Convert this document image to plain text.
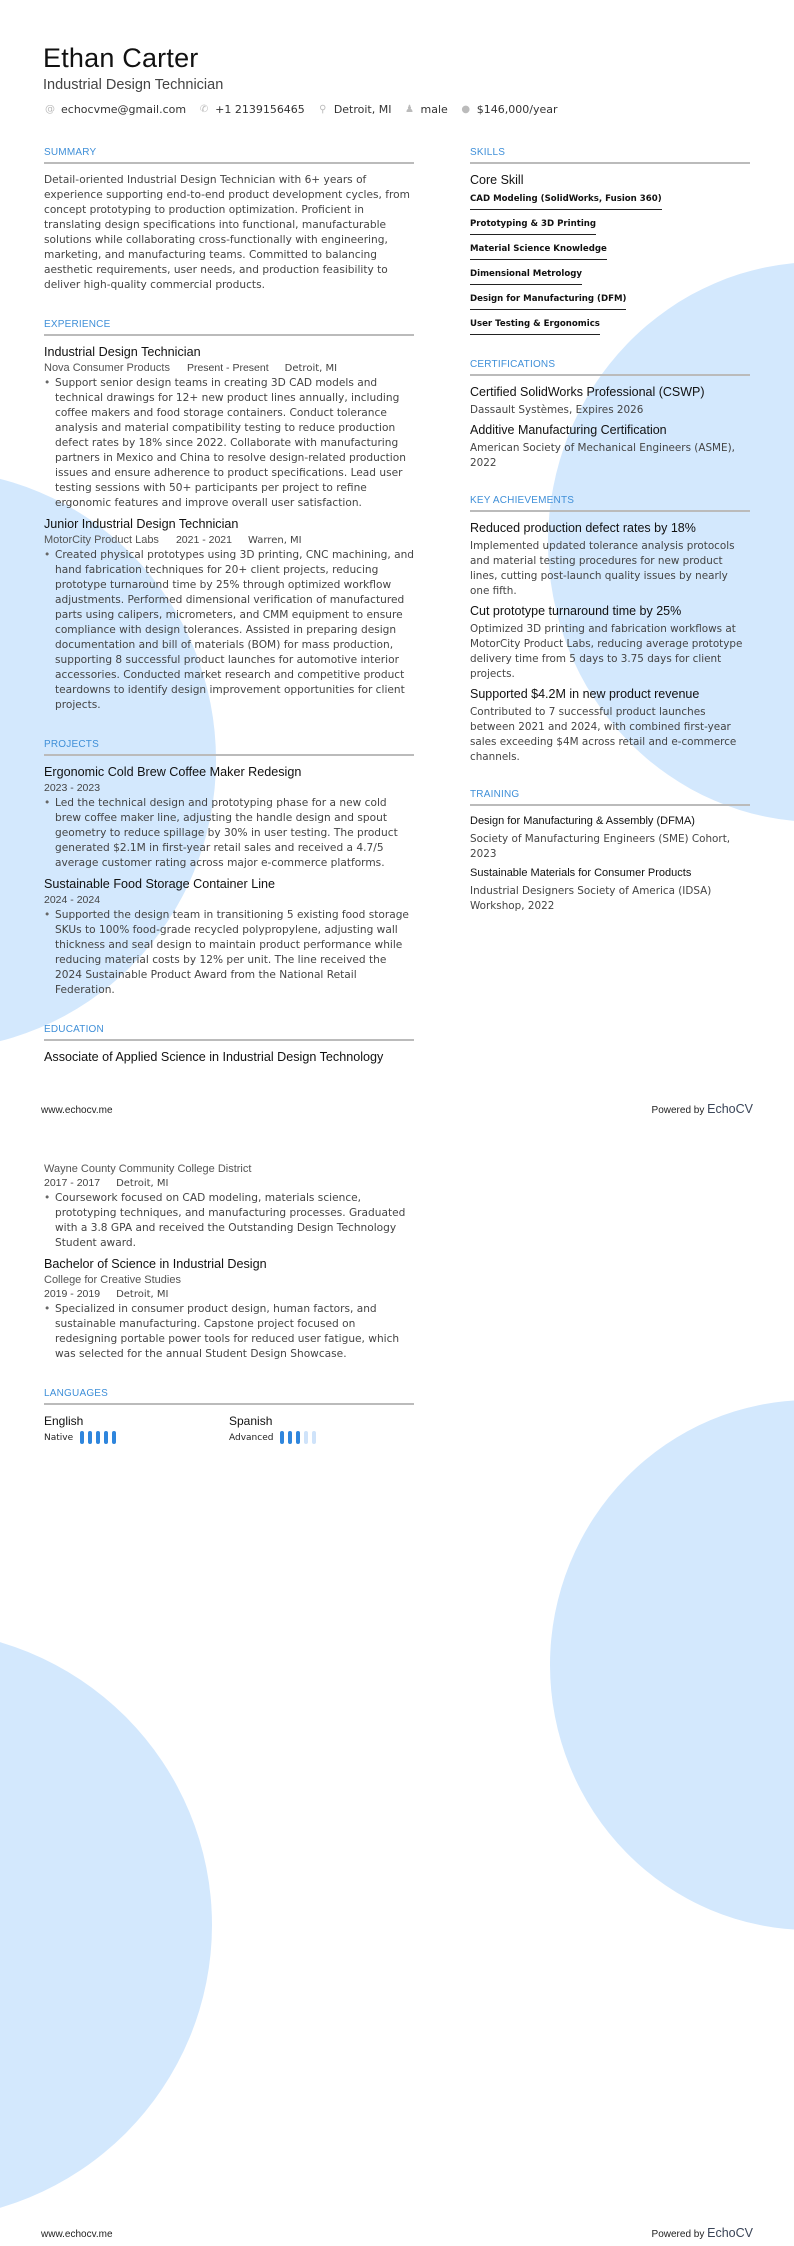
Ethan Carter
Industrial Design Technician
@ echocvme@gmail.com ✆ +1 2139156465 ⚲ Detroit, MI ♟ male ● $146,000/year
SUMMARY

Detail-oriented Industrial Design Technician with 6+ years of experience supporting end-to-end product development cycles, from concept prototyping to production optimization. Proficient in translating design specifications into functional, manufacturable solutions while collaborating cross-functionally with engineering, marketing, and manufacturing teams. Committed to balancing aesthetic requirements, user needs, and production feasibility to deliver high-quality commercial products.

EXPERIENCE
Industrial Design Technician
Nova Consumer Products Present - Present Detroit, MI
• Support senior design teams in creating 3D CAD models and technical drawings for 12+ new product lines annually, including coffee makers and food storage containers. Conduct tolerance analysis and material compatibility testing to reduce production defect rates by 18% since 2022. Collaborate with manufacturing partners in Mexico and China to resolve design-related production issues and ensure adherence to product specifications. Lead user testing sessions with 50+ participants per project to refine ergonomic features and improve overall user satisfaction.
Junior Industrial Design Technician
MotorCity Product Labs 2021 - 2021 Warren, MI
• Created physical prototypes using 3D printing, CNC machining, and hand fabrication techniques for 20+ client projects, reducing prototype turnaround time by 25% through optimized workflow adjustments. Performed dimensional verification of manufactured parts using calipers, micrometers, and CMM equipment to ensure compliance with design tolerances. Assisted in preparing design documentation and bill of materials (BOM) for mass production, supporting 8 successful product launches for automotive interior accessories. Conducted market research and competitive product teardowns to identify design improvement opportunities for client projects.
PROJECTS
Ergonomic Cold Brew Coffee Maker Redesign
2023 - 2023
• Led the technical design and prototyping phase for a new cold brew coffee maker line, adjusting the handle design and spout geometry to reduce spillage by 30% in user testing. The product generated $2.1M in first-year retail sales and received a 4.7/5 average customer rating across major e-commerce platforms.
Sustainable Food Storage Container Line
2024 - 2024
• Supported the design team in transitioning 5 existing food storage SKUs to 100% food-grade recycled polypropylene, adjusting wall thickness and seal design to maintain product performance while reducing material costs by 12% per unit. The line received the 2024 Sustainable Product Award from the National Retail Federation.
EDUCATION
Associate of Applied Science in Industrial Design Technology
SKILLS
Core Skill
CAD Modeling (SolidWorks, Fusion 360)
Prototyping & 3D Printing
Material Science Knowledge
Dimensional Metrology
Design for Manufacturing (DFM)
User Testing & Ergonomics
CERTIFICATIONS
Certified SolidWorks Professional (CSWP)
Dassault Systèmes, Expires 2026
Additive Manufacturing Certification
American Society of Mechanical Engineers (ASME), 2022
KEY ACHIEVEMENTS
Reduced production defect rates by 18%
Implemented updated tolerance analysis protocols and material testing procedures for new product lines, cutting post-launch quality issues by nearly one fifth.
Cut prototype turnaround time by 25%
Optimized 3D printing and fabrication workflows at MotorCity Product Labs, reducing average prototype delivery time from 5 days to 3.75 days for client projects.
Supported $4.2M in new product revenue
Contributed to 7 successful product launches between 2021 and 2024, with combined first-year sales exceeding $4M across retail and e-commerce channels.
TRAINING
Design for Manufacturing & Assembly (DFMA)
Society of Manufacturing Engineers (SME) Cohort, 2023
Sustainable Materials for Consumer Products
Industrial Designers Society of America (IDSA) Workshop, 2022
www.echocv.me	Powered by EchoCV
Wayne County Community College District
2017 - 2017 Detroit, MI
• Coursework focused on CAD modeling, materials science, prototyping techniques, and manufacturing processes. Graduated with a 3.8 GPA and received the Outstanding Design Technology Student award.
Bachelor of Science in Industrial Design
College for Creative Studies
2019 - 2019 Detroit, MI
• Specialized in consumer product design, human factors, and sustainable manufacturing. Capstone project focused on redesigning portable power tools for reduced user fatigue, which was selected for the annual Student Design Showcase.
LANGUAGES
English
Native
Spanish
Advanced
www.echocv.me	Powered by EchoCV
